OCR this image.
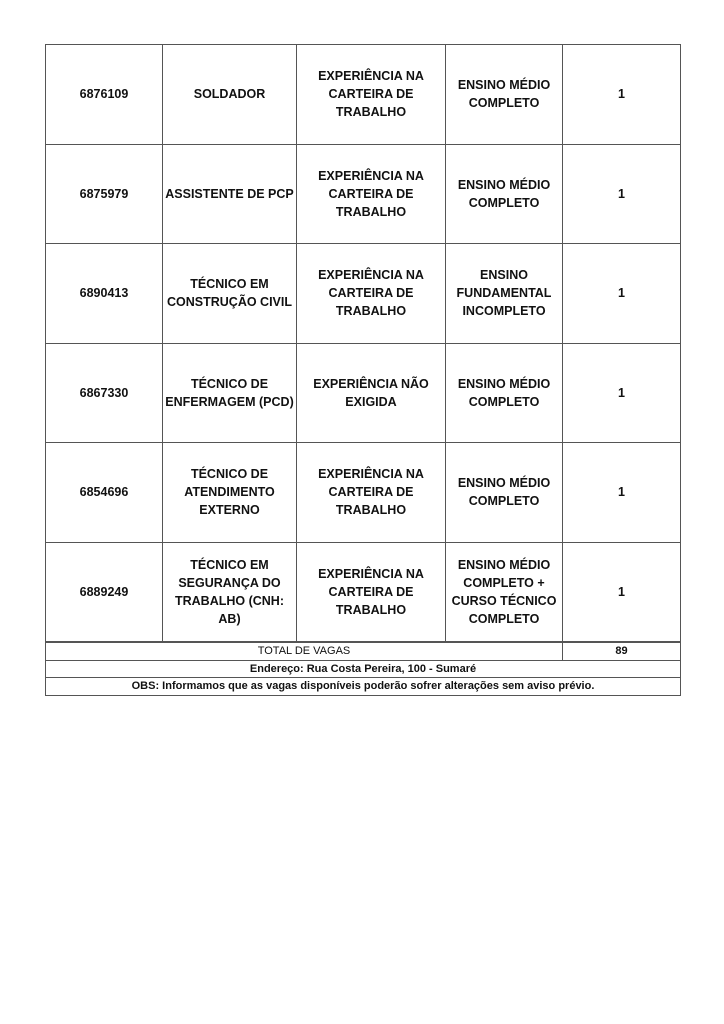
6876109	SOLDADOR	EXPERIÊNCIA NA
CARTEIRA DE
TRABALHO	ENSINO MÉDIO
COMPLETO	1
6875979	ASSISTENTE DE PCP	EXPERIÊNCIA NA
CARTEIRA DE
TRABALHO	ENSINO MÉDIO
COMPLETO	1
6890413	TÉCNICO EM
CONSTRUÇÃO CIVIL	EXPERIÊNCIA NA
CARTEIRA DE
TRABALHO	ENSINO
FUNDAMENTAL
INCOMPLETO	1
6867330	TÉCNICO DE
ENFERMAGEM (PCD)	EXPERIÊNCIA NÃO
EXIGIDA	ENSINO MÉDIO
COMPLETO	1
6854696	TÉCNICO DE
ATENDIMENTO
EXTERNO	EXPERIÊNCIA NA
CARTEIRA DE
TRABALHO	ENSINO MÉDIO
COMPLETO	1
6889249	TÉCNICO EM
SEGURANÇA DO
TRABALHO (CNH: AB)	EXPERIÊNCIA NA
CARTEIRA DE
TRABALHO	ENSINO MÉDIO
COMPLETO +
CURSO TÉCNICO
COMPLETO	1
TOTAL DE VAGAS	89
Endereço: Rua Costa Pereira, 100 - Sumaré
OBS: Informamos que as vagas disponíveis poderão sofrer alterações sem aviso prévio.
